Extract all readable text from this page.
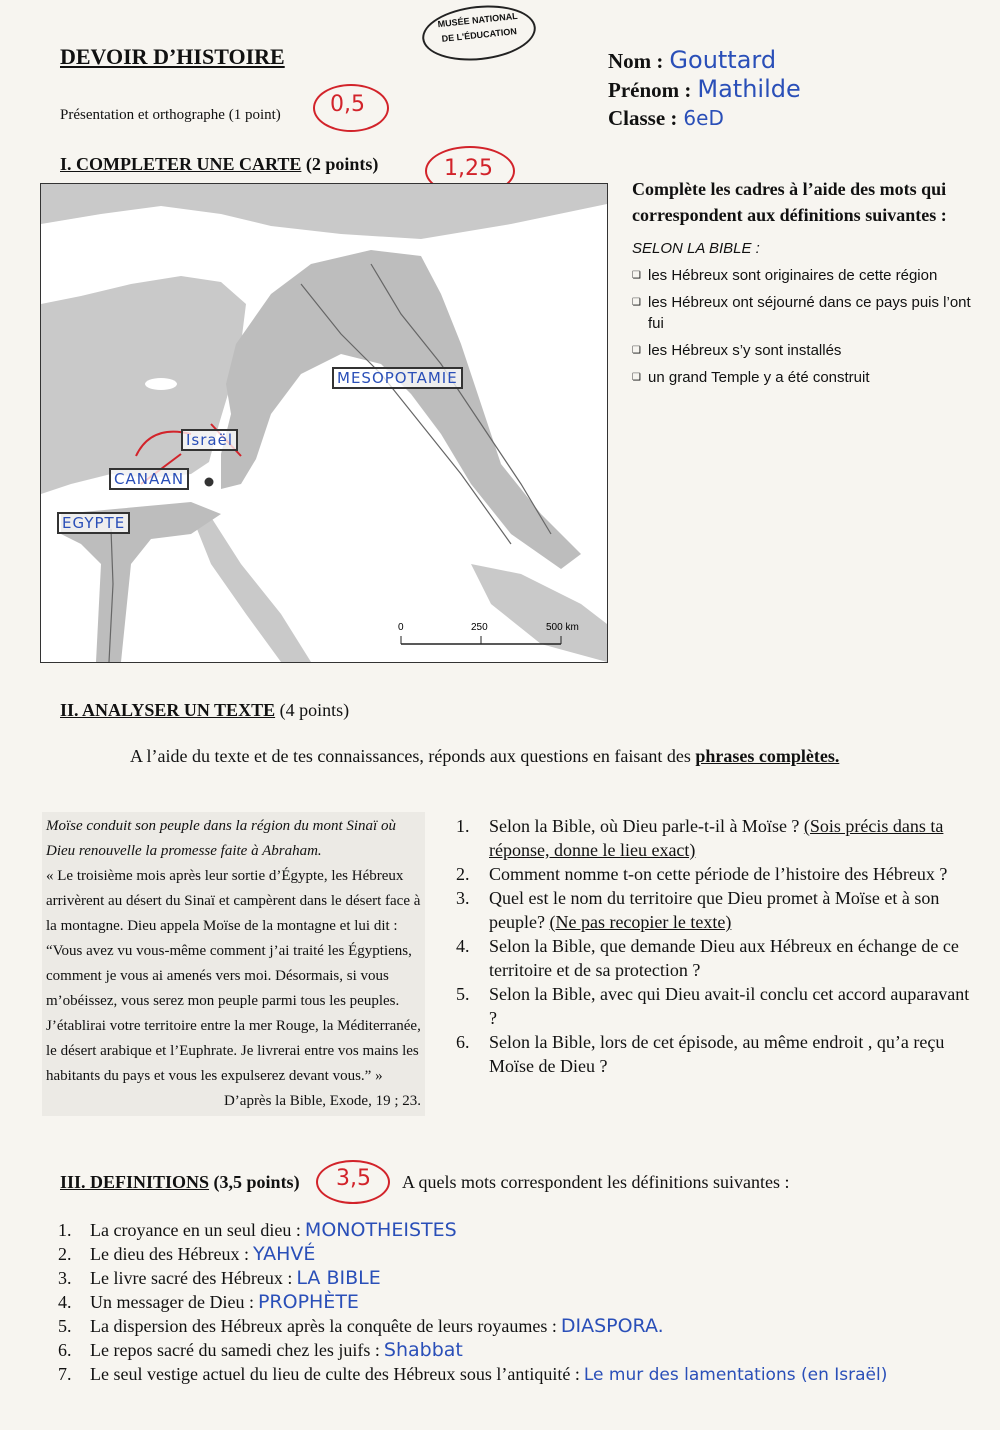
DEVOIR D’HISTOIRE
MUSÉE NATIONAL
DE L'ÉDUCATION
Présentation et orthographe (1 point) 0,5
Nom : Gouttard
Prénom : Mathilde
Classe : 6eD
I. COMPLETER UNE CARTE (2 points)	1,25
0	250	500 km
MESOPOTAMIE
Israël
CANAAN
EGYPTE
Complète les cadres à l’aide des mots qui correspondent aux définitions suivantes :
SELON LA BIBLE :
❏ les Hébreux sont originaires de cette région
❏ les Hébreux ont séjourné dans ce pays puis l’ont fui
❏ les Hébreux s’y sont installés
❏ un grand Temple y a été construit
II. ANALYSER UN TEXTE (4 points)
A l’aide du texte et de tes connaissances, réponds aux questions en faisant des phrases complètes.
Moïse conduit son peuple dans la région du mont Sinaï où Dieu renouvelle la promesse faite à Abraham.
« Le troisième mois après leur sortie d’Égypte, les Hébreux arrivèrent au désert du Sinaï et campèrent dans le désert face à la montagne. Dieu appela Moïse de la montagne et lui dit : “Vous avez vu vous-même comment j’ai traité les Égyptiens, comment je vous ai amenés vers moi. Désormais, si vous m’obéissez, vous serez mon peuple parmi tous les peuples. J’établirai votre territoire entre la mer Rouge, la Méditerranée, le désert arabique et l’Euphrate. Je livrerai entre vos mains les habitants du pays et vous les expulserez devant vous.” »
D’après la Bible, Exode, 19 ; 23.
1.	Selon la Bible, où Dieu parle-t-il à Moïse ? (Sois précis dans ta réponse, donne le lieu exact)
2.	Comment nomme t-on cette période de l’histoire des Hébreux ?
3.	Quel est le nom du territoire que Dieu promet à Moïse et à son peuple? (Ne pas recopier le texte)
4.	Selon la Bible, que demande Dieu aux Hébreux en échange de ce territoire et de sa protection ?
5.	Selon la Bible, avec qui Dieu avait-il conclu cet accord auparavant ?
6.	Selon la Bible, lors de cet épisode, au même endroit , qu’a reçu Moïse de Dieu ?
III. DEFINITIONS (3,5 points) 3,5 A quels mots correspondent les définitions suivantes :
1.	La croyance en un seul dieu : MONOTHEISTES
2.	Le dieu des Hébreux : YAHVÉ
3.	Le livre sacré des Hébreux : LA BIBLE
4.	Un messager de Dieu : PROPHÈTE
5.	La dispersion des Hébreux après la conquête de leurs royaumes : DIASPORA.
6.	Le repos sacré du samedi chez les juifs : Shabbat
7.	Le seul vestige actuel du lieu de culte des Hébreux sous l’antiquité : Le mur des lamentations (en Israël)
